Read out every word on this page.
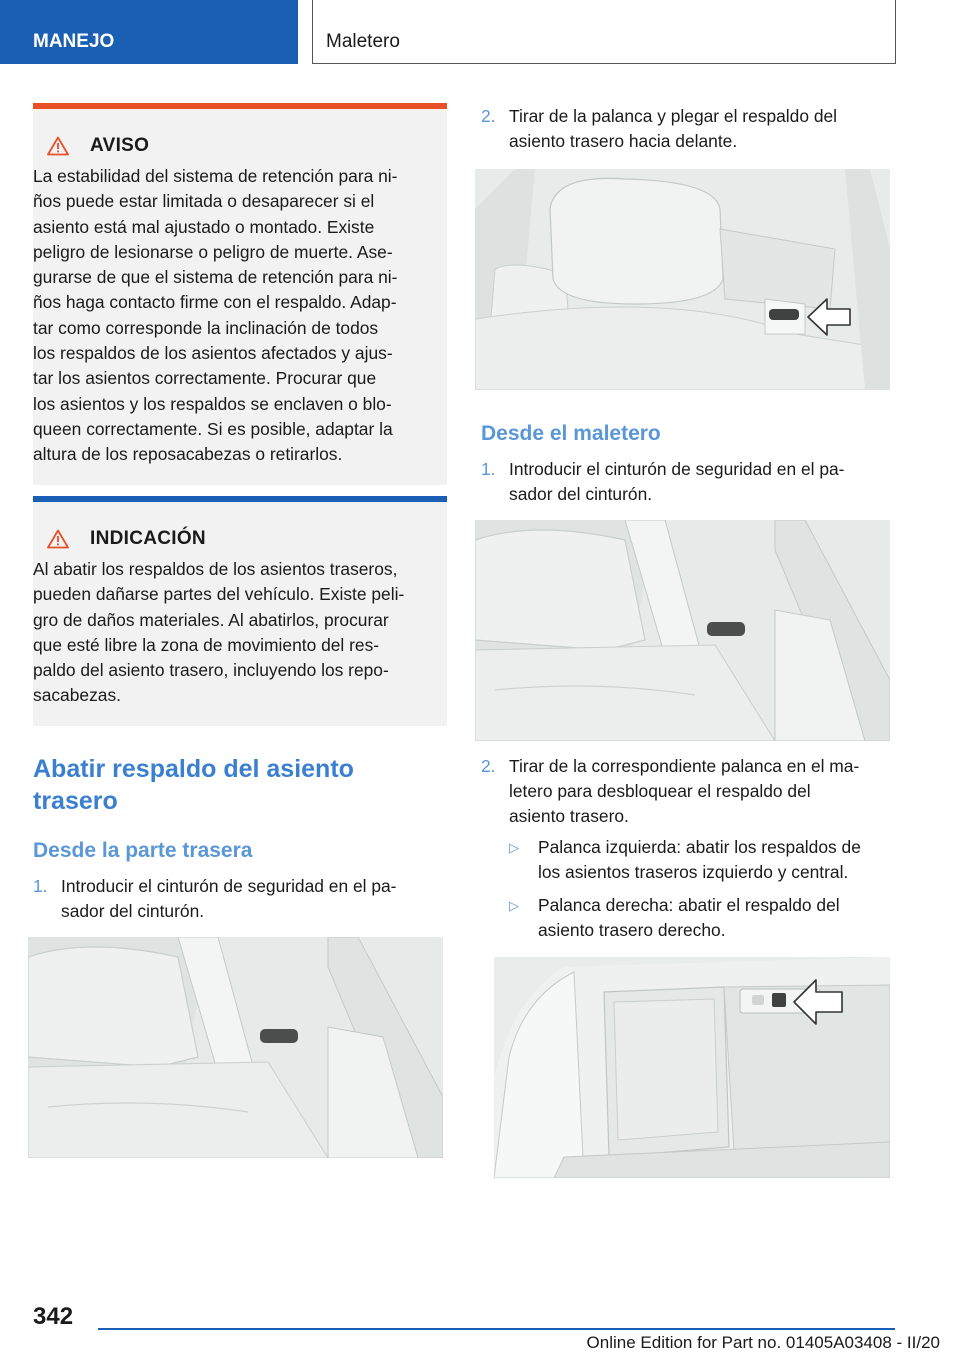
MANEJO	Maletero
AVISO
La estabilidad del sistema de retención para ni‐
ños puede estar limitada o desaparecer si el
asiento está mal ajustado o montado. Existe
peligro de lesionarse o peligro de muerte. Ase‐
gurarse de que el sistema de retención para ni‐
ños haga contacto firme con el respaldo. Adap‐
tar como corresponde la inclinación de todos
los respaldos de los asientos afectados y ajus‐
tar los asientos correctamente. Procurar que
los asientos y los respaldos se enclaven o blo‐
queen correctamente. Si es posible, adaptar la
altura de los reposacabezas o retirarlos.
INDICACIÓN
Al abatir los respaldos de los asientos traseros,
pueden dañarse partes del vehículo. Existe peli‐
gro de daños materiales. Al abatirlos, procurar
que esté libre la zona de movimiento del res‐
paldo del asiento trasero, incluyendo los repo‐
sacabezas.
Abatir respaldo del asiento
trasero
Desde la parte trasera
1. Introducir el cinturón de seguridad en el pa‐
sador del cinturón.
2. Tirar de la palanca y plegar el respaldo del
asiento trasero hacia delante.
Desde el maletero
1. Introducir el cinturón de seguridad en el pa‐
sador del cinturón.
2. Tirar de la correspondiente palanca en el ma‐
letero para desbloquear el respaldo del
asiento trasero.
▷ Palanca izquierda: abatir los respaldos de
los asientos traseros izquierdo y central.
▷ Palanca derecha: abatir el respaldo del
asiento trasero derecho.
342
Online Edition for Part no. 01405A03408 - II/20
